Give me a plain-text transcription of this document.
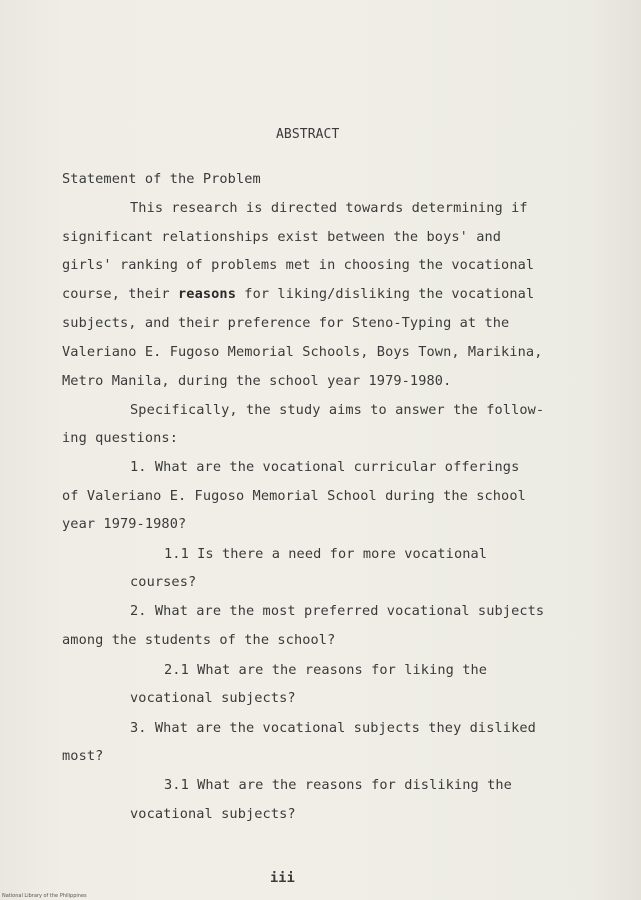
ABSTRACT
Statement of the Problem
This research is directed towards determining if
significant relationships exist between the boys' and
girls' ranking of problems met in choosing the vocational
course, their reasons for liking/disliking the vocational
subjects, and their preference for Steno-Typing at the
Valeriano E. Fugoso Memorial Schools, Boys Town, Marikina,
Metro Manila, during the school year 1979-1980.
Specifically, the study aims to answer the follow-
ing questions:
1. What are the vocational curricular offerings
of Valeriano E. Fugoso Memorial School during the school
year 1979-1980?
1.1 Is there a need for more vocational
courses?
2. What are the most preferred vocational subjects
among the students of the school?
2.1 What are the reasons for liking the
vocational subjects?
3. What are the vocational subjects they disliked
most?
3.1 What are the reasons for disliking the
vocational subjects?
iii
National Library of the Philippines
